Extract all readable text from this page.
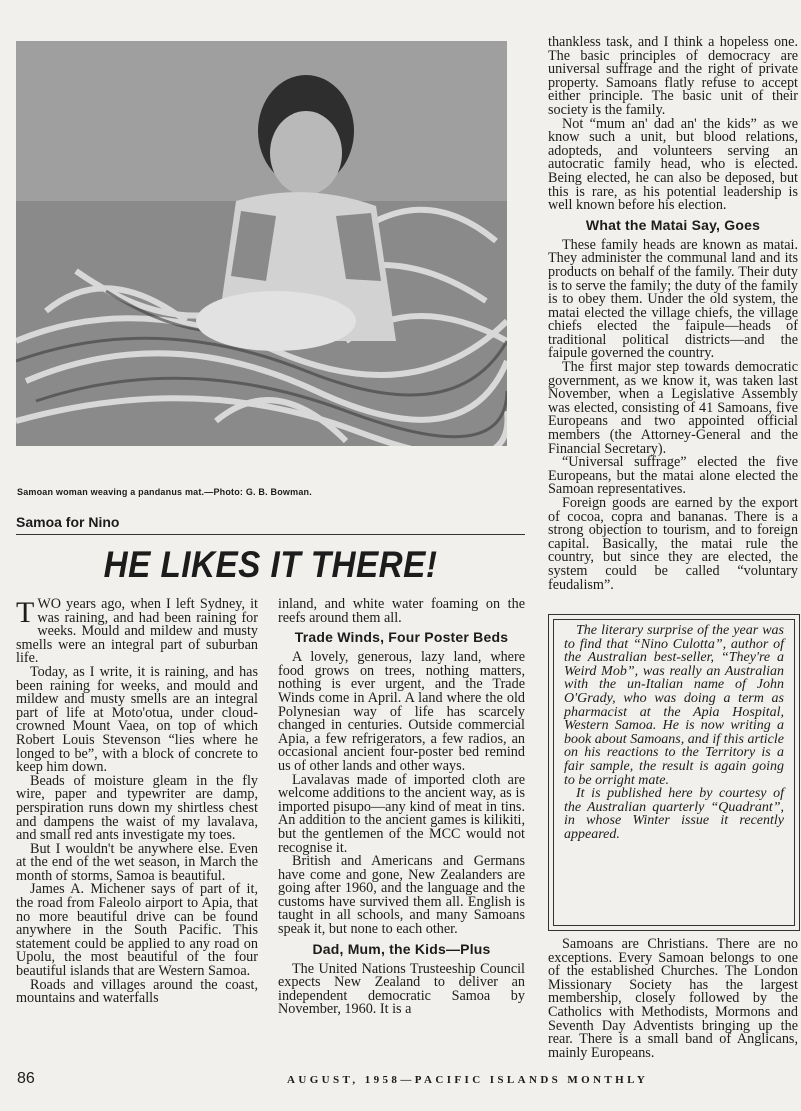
Samoan woman weaving a pandanus mat.—Photo: G. B. Bowman.
Samoa for Nino
HE LIKES IT THERE!

TWO years ago, when I left Sydney, it was raining, and had been raining for weeks. Mould and mildew and musty smells were an integral part of suburban life.

Today, as I write, it is raining, and has been raining for weeks, and mould and mildew and musty smells are an integral part of life at Moto'otua, under cloud-crowned Mount Vaea, on top of which Robert Louis Stevenson “lies where he longed to be”, with a block of concrete to keep him down.

Beads of moisture gleam in the fly wire, paper and typewriter are damp, perspiration runs down my shirtless chest and dampens the waist of my lavalava, and small red ants investigate my toes.

But I wouldn't be anywhere else. Even at the end of the wet season, in March the month of storms, Samoa is beautiful.

James A. Michener says of part of it, the road from Faleolo airport to Apia, that no more beautiful drive can be found anywhere in the South Pacific. This statement could be applied to any road on Upolu, the most beautiful of the four beautiful islands that are Western Samoa.

Roads and villages around the coast, mountains and waterfalls

inland, and white water foaming on the reefs around them all.

Trade Winds, Four Poster Beds

A lovely, generous, lazy land, where food grows on trees, nothing matters, nothing is ever urgent, and the Trade Winds come in April. A land where the old Polynesian way of life has scarcely changed in centuries. Outside commercial Apia, a few refrigerators, a few radios, an occasional ancient four-poster bed remind us of other lands and other ways.

Lavalavas made of imported cloth are welcome additions to the ancient way, as is imported pisupo—any kind of meat in tins. An addition to the ancient games is kilikiti, but the gentlemen of the MCC would not recognise it.

British and Americans and Germans have come and gone, New Zealanders are going after 1960, and the language and the customs have survived them all. English is taught in all schools, and many Samoans speak it, but none to each other.

Dad, Mum, the Kids—Plus

The United Nations Trusteeship Council expects New Zealand to deliver an independent democratic Samoa by November, 1960. It is a

thankless task, and I think a hopeless one. The basic principles of democracy are universal suffrage and the right of private property. Samoans flatly refuse to accept either principle. The basic unit of their society is the family.

Not “mum an' dad an' the kids” as we know such a unit, but blood relations, adopteds, and volunteers serving an autocratic family head, who is elected. Being elected, he can also be deposed, but this is rare, as his potential leadership is well known before his election.

What the Matai Say, Goes

These family heads are known as matai. They administer the communal land and its products on behalf of the family. Their duty is to serve the family; the duty of the family is to obey them. Under the old system, the matai elected the village chiefs, the village chiefs elected the faipule—heads of traditional political districts—and the faipule governed the country.

The first major step towards democratic government, as we know it, was taken last November, when a Legislative Assembly was elected, consisting of 41 Samoans, five Europeans and two appointed official members (the Attorney-General and the Financial Secretary).

“Universal suffrage” elected the five Europeans, but the matai alone elected the Samoan representatives.

Foreign goods are earned by the export of cocoa, copra and bananas. There is a strong objection to tourism, and to foreign capital. Basically, the matai rule the country, but since they are elected, the system could be called “voluntary feudalism”.

The literary surprise of the year was to find that “Nino Culotta”, author of the Australian best-seller, “They're a Weird Mob”, was really an Australian with the un-Italian name of John O'Grady, who was doing a term as pharmacist at the Apia Hospital, Western Samoa. He is now writing a book about Samoans, and if this article on his reactions to the Territory is a fair sample, the result is again going to be orright mate.

It is published here by courtesy of the Australian quarterly “Quadrant”, in whose Winter issue it recently appeared.

Samoans are Christians. There are no exceptions. Every Samoan belongs to one of the established Churches. The London Missionary Society has the largest membership, closely followed by the Catholics with Methodists, Mormons and Seventh Day Adventists bringing up the rear. There is a small band of Anglicans, mainly Europeans.

86	AUGUST, 1958—PACIFIC ISLANDS MONTHLY
